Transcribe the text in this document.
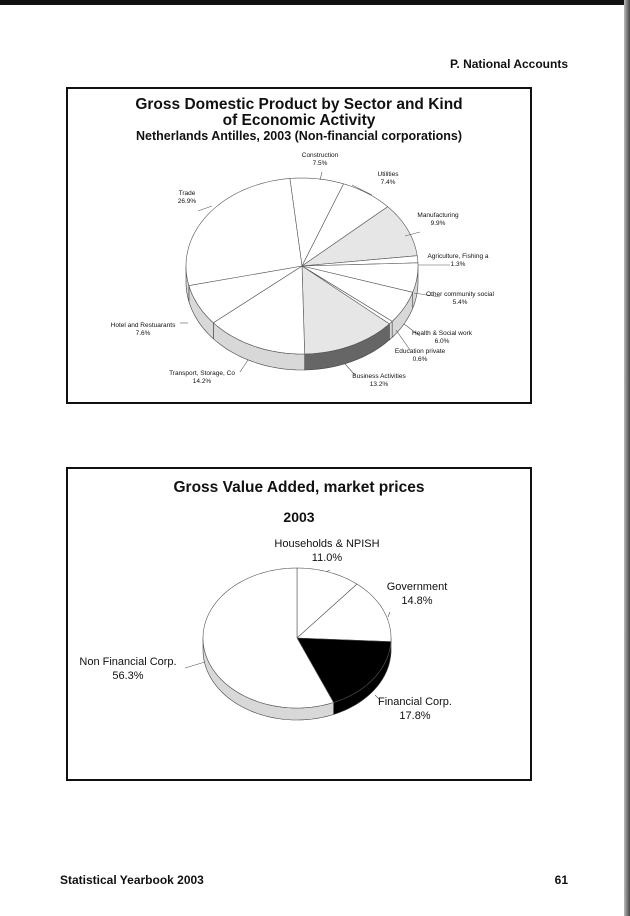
P. National Accounts
Gross Domestic Product by Sector and Kind of Economic Activity
Netherlands Antilles, 2003 (Non-financial corporations)
Construction
7.5%
Utilities
7.4%
Manufacturing
9.9%
Agriculture, Fishing a
1.3%
Other community social
5.4%
Health & Social work
6.0%
Education private
0.6%
Business Activities
13.2%
Transport, Storage, Co
14.2%
Hotel and Restuarants
7.6%
Trade
26.9%
Gross Value Added, market prices
2003
Households & NPISH
11.0%
Government
14.8%
Financial Corp.
17.8%
Non Financial Corp.
56.3%
Statistical Yearbook 2003	61
